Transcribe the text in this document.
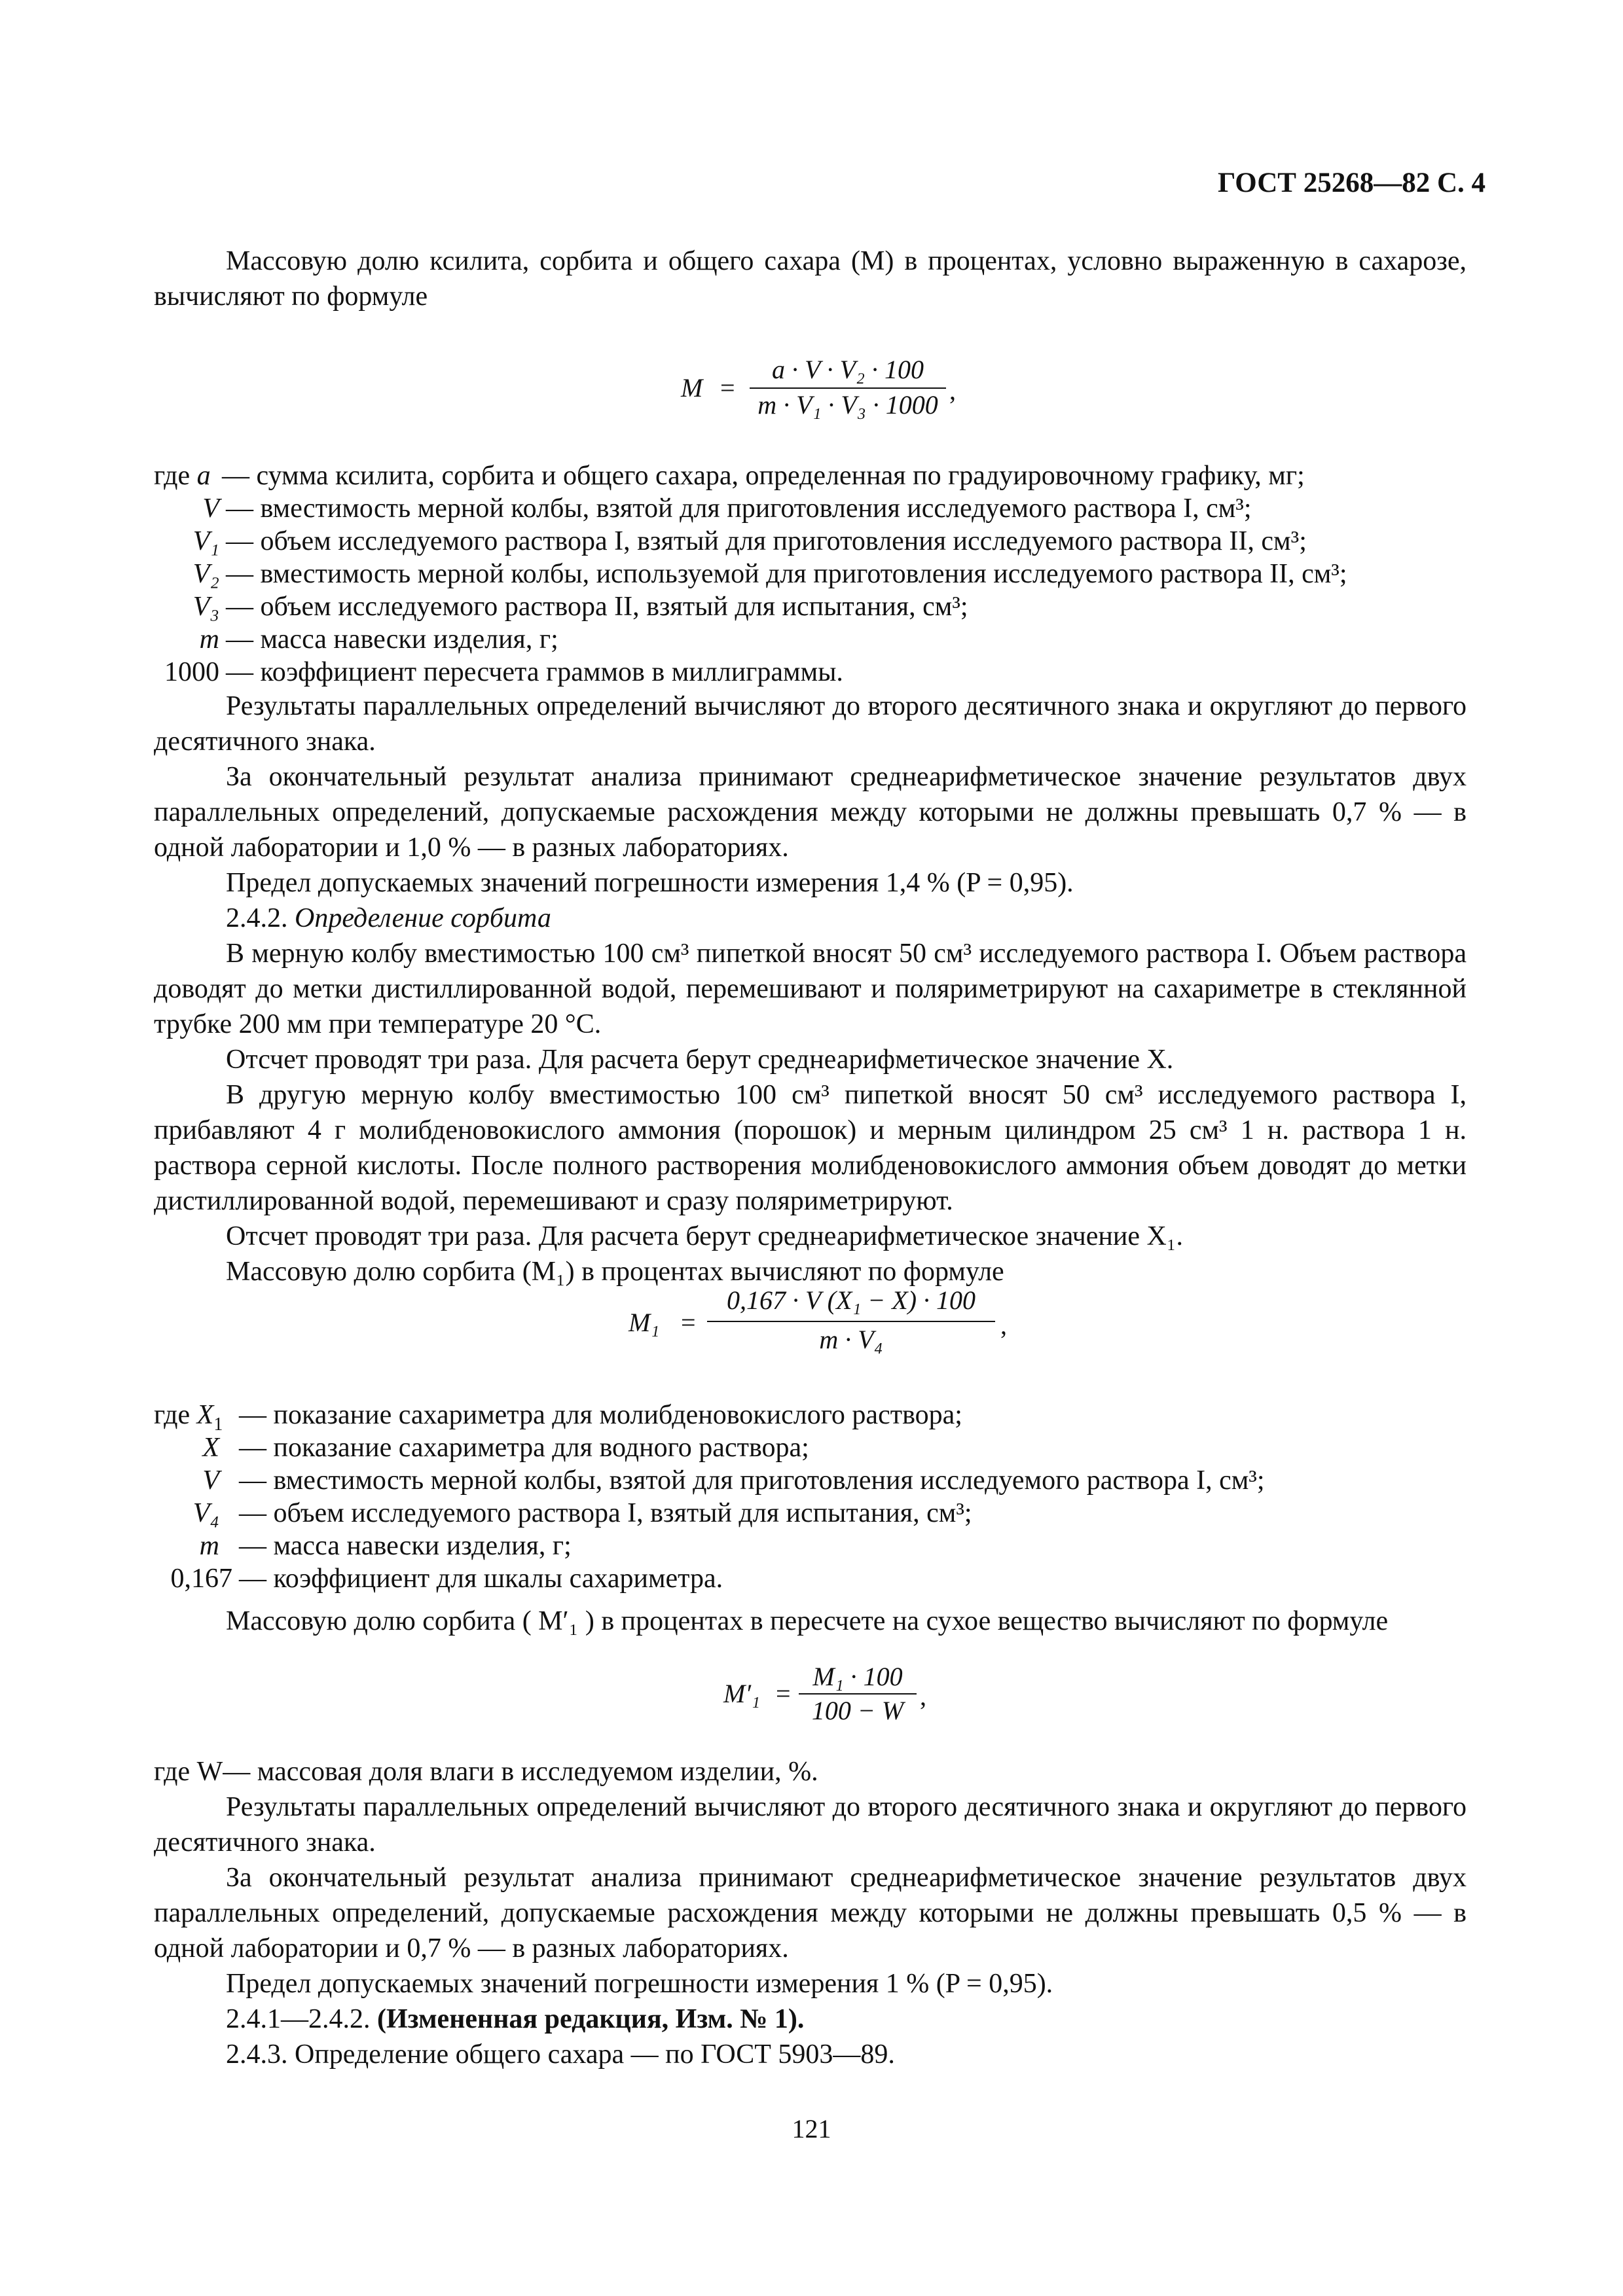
ГОСТ 25268—82 С. 4

Массовую долю ксилита, сорбита и общего сахара (M) в процентах, условно выраженную в сахарозе, вычисляют по формуле

M =
a · V · V₂ · 100
m · V₁ · V₃ · 1000 ,
где a — сумма ксилита, сорбита и общего сахара, определенная по градуировочному графику, мг;
V — вместимость мерной колбы, взятой для приготовления исследуемого раствора I, см³;
V₁ — объем исследуемого раствора I, взятый для приготовления исследуемого раствора II, см³;
V₂ — вместимость мерной колбы, используемой для приготовления исследуемого раствора II, см³;
V₃ — объем исследуемого раствора II, взятый для испытания, см³;
m — масса навески изделия, г;
1000 — коэффициент пересчета граммов в миллиграммы.

Результаты параллельных определений вычисляют до второго десятичного знака и округляют до первого десятичного знака.

За окончательный результат анализа принимают среднеарифметическое значение результатов двух параллельных определений, допускаемые расхождения между которыми не должны превышать 0,7 % — в одной лаборатории и 1,0 % — в разных лабораториях.

Предел допускаемых значений погрешности измерения 1,4 % (P = 0,95).

2.4.2. Определение сорбита

В мерную колбу вместимостью 100 см³ пипеткой вносят 50 см³ исследуемого раствора I. Объем раствора доводят до метки дистиллированной водой, перемешивают и поляриметрируют на сахариметре в стеклянной трубке 200 мм при температуре 20 °С.

Отсчет проводят три раза. Для расчета берут среднеарифметическое значение X.

В другую мерную колбу вместимостью 100 см³ пипеткой вносят 50 см³ исследуемого раствора I, прибавляют 4 г молибденовокислого аммония (порошок) и мерным цилиндром 25 см³ 1 н. раствора 1 н. раствора серной кислоты. После полного растворения молибденовокислого аммония объем доводят до метки дистиллированной водой, перемешивают и сразу поляриметрируют.

Отсчет проводят три раза. Для расчета берут среднеарифметическое значение X₁.

Массовую долю сорбита (M₁) в процентах вычисляют по формуле

M₁ =
0,167 · V (X₁ − X) · 100
m · V₄	,
где $X_1$ — показание сахариметра для молибденовокислого раствора;
X — показание сахариметра для водного раствора;
V — вместимость мерной колбы, взятой для приготовления исследуемого раствора I, см³;
V₄ — объем исследуемого раствора I, взятый для испытания, см³;
m — масса навески изделия, г;
0,167 — коэффициент для шкалы сахариметра.

Массовую долю сорбита ( M′₁ ) в процентах в пересчете на сухое вещество вычисляют по формуле

M′₁ =
M₁ · 100
100 − W ,

где W— массовая доля влаги в исследуемом изделии, %.

Результаты параллельных определений вычисляют до второго десятичного знака и округляют до первого десятичного знака.

За окончательный результат анализа принимают среднеарифметическое значение результатов двух параллельных определений, допускаемые расхождения между которыми не должны превышать 0,5 % — в одной лаборатории и 0,7 % — в разных лабораториях.

Предел допускаемых значений погрешности измерения 1 % (P = 0,95).

2.4.1—2.4.2. (Измененная редакция, Изм. № 1).

2.4.3. Определение общего сахара — по ГОСТ 5903—89.

121
